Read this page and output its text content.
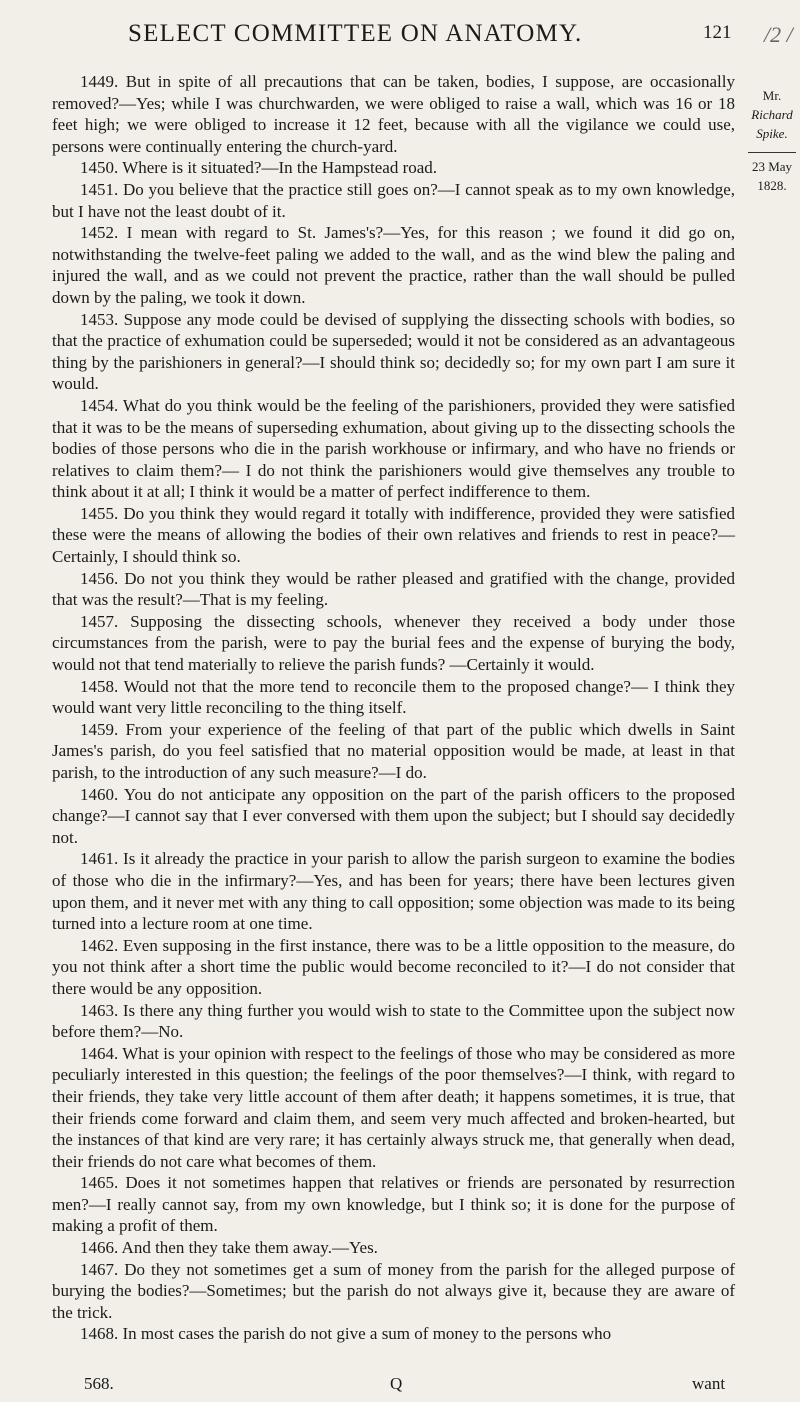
SELECT COMMITTEE ON ANATOMY.	121 /2 /
Mr.
Richard Spike.
23 May
1828.

1449. But in spite of all precautions that can be taken, bodies, I suppose, are occasionally removed?—Yes; while I was churchwarden, we were obliged to raise a wall, which was 16 or 18 feet high; we were obliged to increase it 12 feet, because with all the vigilance we could use, persons were continually entering the church-yard.

1450. Where is it situated?—In the Hampstead road.

1451. Do you believe that the practice still goes on?—I cannot speak as to my own knowledge, but I have not the least doubt of it.

1452. I mean with regard to St. James's?—Yes, for this reason ; we found it did go on, notwithstanding the twelve-feet paling we added to the wall, and as the wind blew the paling and injured the wall, and as we could not prevent the practice, rather than the wall should be pulled down by the paling, we took it down.

1453. Suppose any mode could be devised of supplying the dissecting schools with bodies, so that the practice of exhumation could be superseded; would it not be considered as an advantageous thing by the parishioners in general?—I should think so; decidedly so; for my own part I am sure it would.

1454. What do you think would be the feeling of the parishioners, provided they were satisfied that it was to be the means of superseding exhumation, about giving up to the dissecting schools the bodies of those persons who die in the parish workhouse or infirmary, and who have no friends or relatives to claim them?— I do not think the parishioners would give themselves any trouble to think about it at all; I think it would be a matter of perfect indifference to them.

1455. Do you think they would regard it totally with indifference, provided they were satisfied these were the means of allowing the bodies of their own relatives and friends to rest in peace?—Certainly, I should think so.

1456. Do not you think they would be rather pleased and gratified with the change, provided that was the result?—That is my feeling.

1457. Supposing the dissecting schools, whenever they received a body under those circumstances from the parish, were to pay the burial fees and the expense of burying the body, would not that tend materially to relieve the parish funds? —Certainly it would.

1458. Would not that the more tend to reconcile them to the proposed change?— I think they would want very little reconciling to the thing itself.

1459. From your experience of the feeling of that part of the public which dwells in Saint James's parish, do you feel satisfied that no material opposition would be made, at least in that parish, to the introduction of any such measure?—I do.

1460. You do not anticipate any opposition on the part of the parish officers to the proposed change?—I cannot say that I ever conversed with them upon the subject; but I should say decidedly not.

1461. Is it already the practice in your parish to allow the parish surgeon to examine the bodies of those who die in the infirmary?—Yes, and has been for years; there have been lectures given upon them, and it never met with any thing to call opposition; some objection was made to its being turned into a lecture room at one time.

1462. Even supposing in the first instance, there was to be a little opposition to the measure, do you not think after a short time the public would become reconciled to it?—I do not consider that there would be any opposition.

1463. Is there any thing further you would wish to state to the Committee upon the subject now before them?—No.

1464. What is your opinion with respect to the feelings of those who may be considered as more peculiarly interested in this question; the feelings of the poor themselves?—I think, with regard to their friends, they take very little account of them after death; it happens sometimes, it is true, that their friends come forward and claim them, and seem very much affected and broken-hearted, but the instances of that kind are very rare; it has certainly always struck me, that generally when dead, their friends do not care what becomes of them.

1465. Does it not sometimes happen that relatives or friends are personated by resurrection men?—I really cannot say, from my own knowledge, but I think so; it is done for the purpose of making a profit of them.

1466. And then they take them away.—Yes.

1467. Do they not sometimes get a sum of money from the parish for the alleged purpose of burying the bodies?—Sometimes; but the parish do not always give it, because they are aware of the trick.

1468. In most cases the parish do not give a sum of money to the persons who

568.	Q	want
